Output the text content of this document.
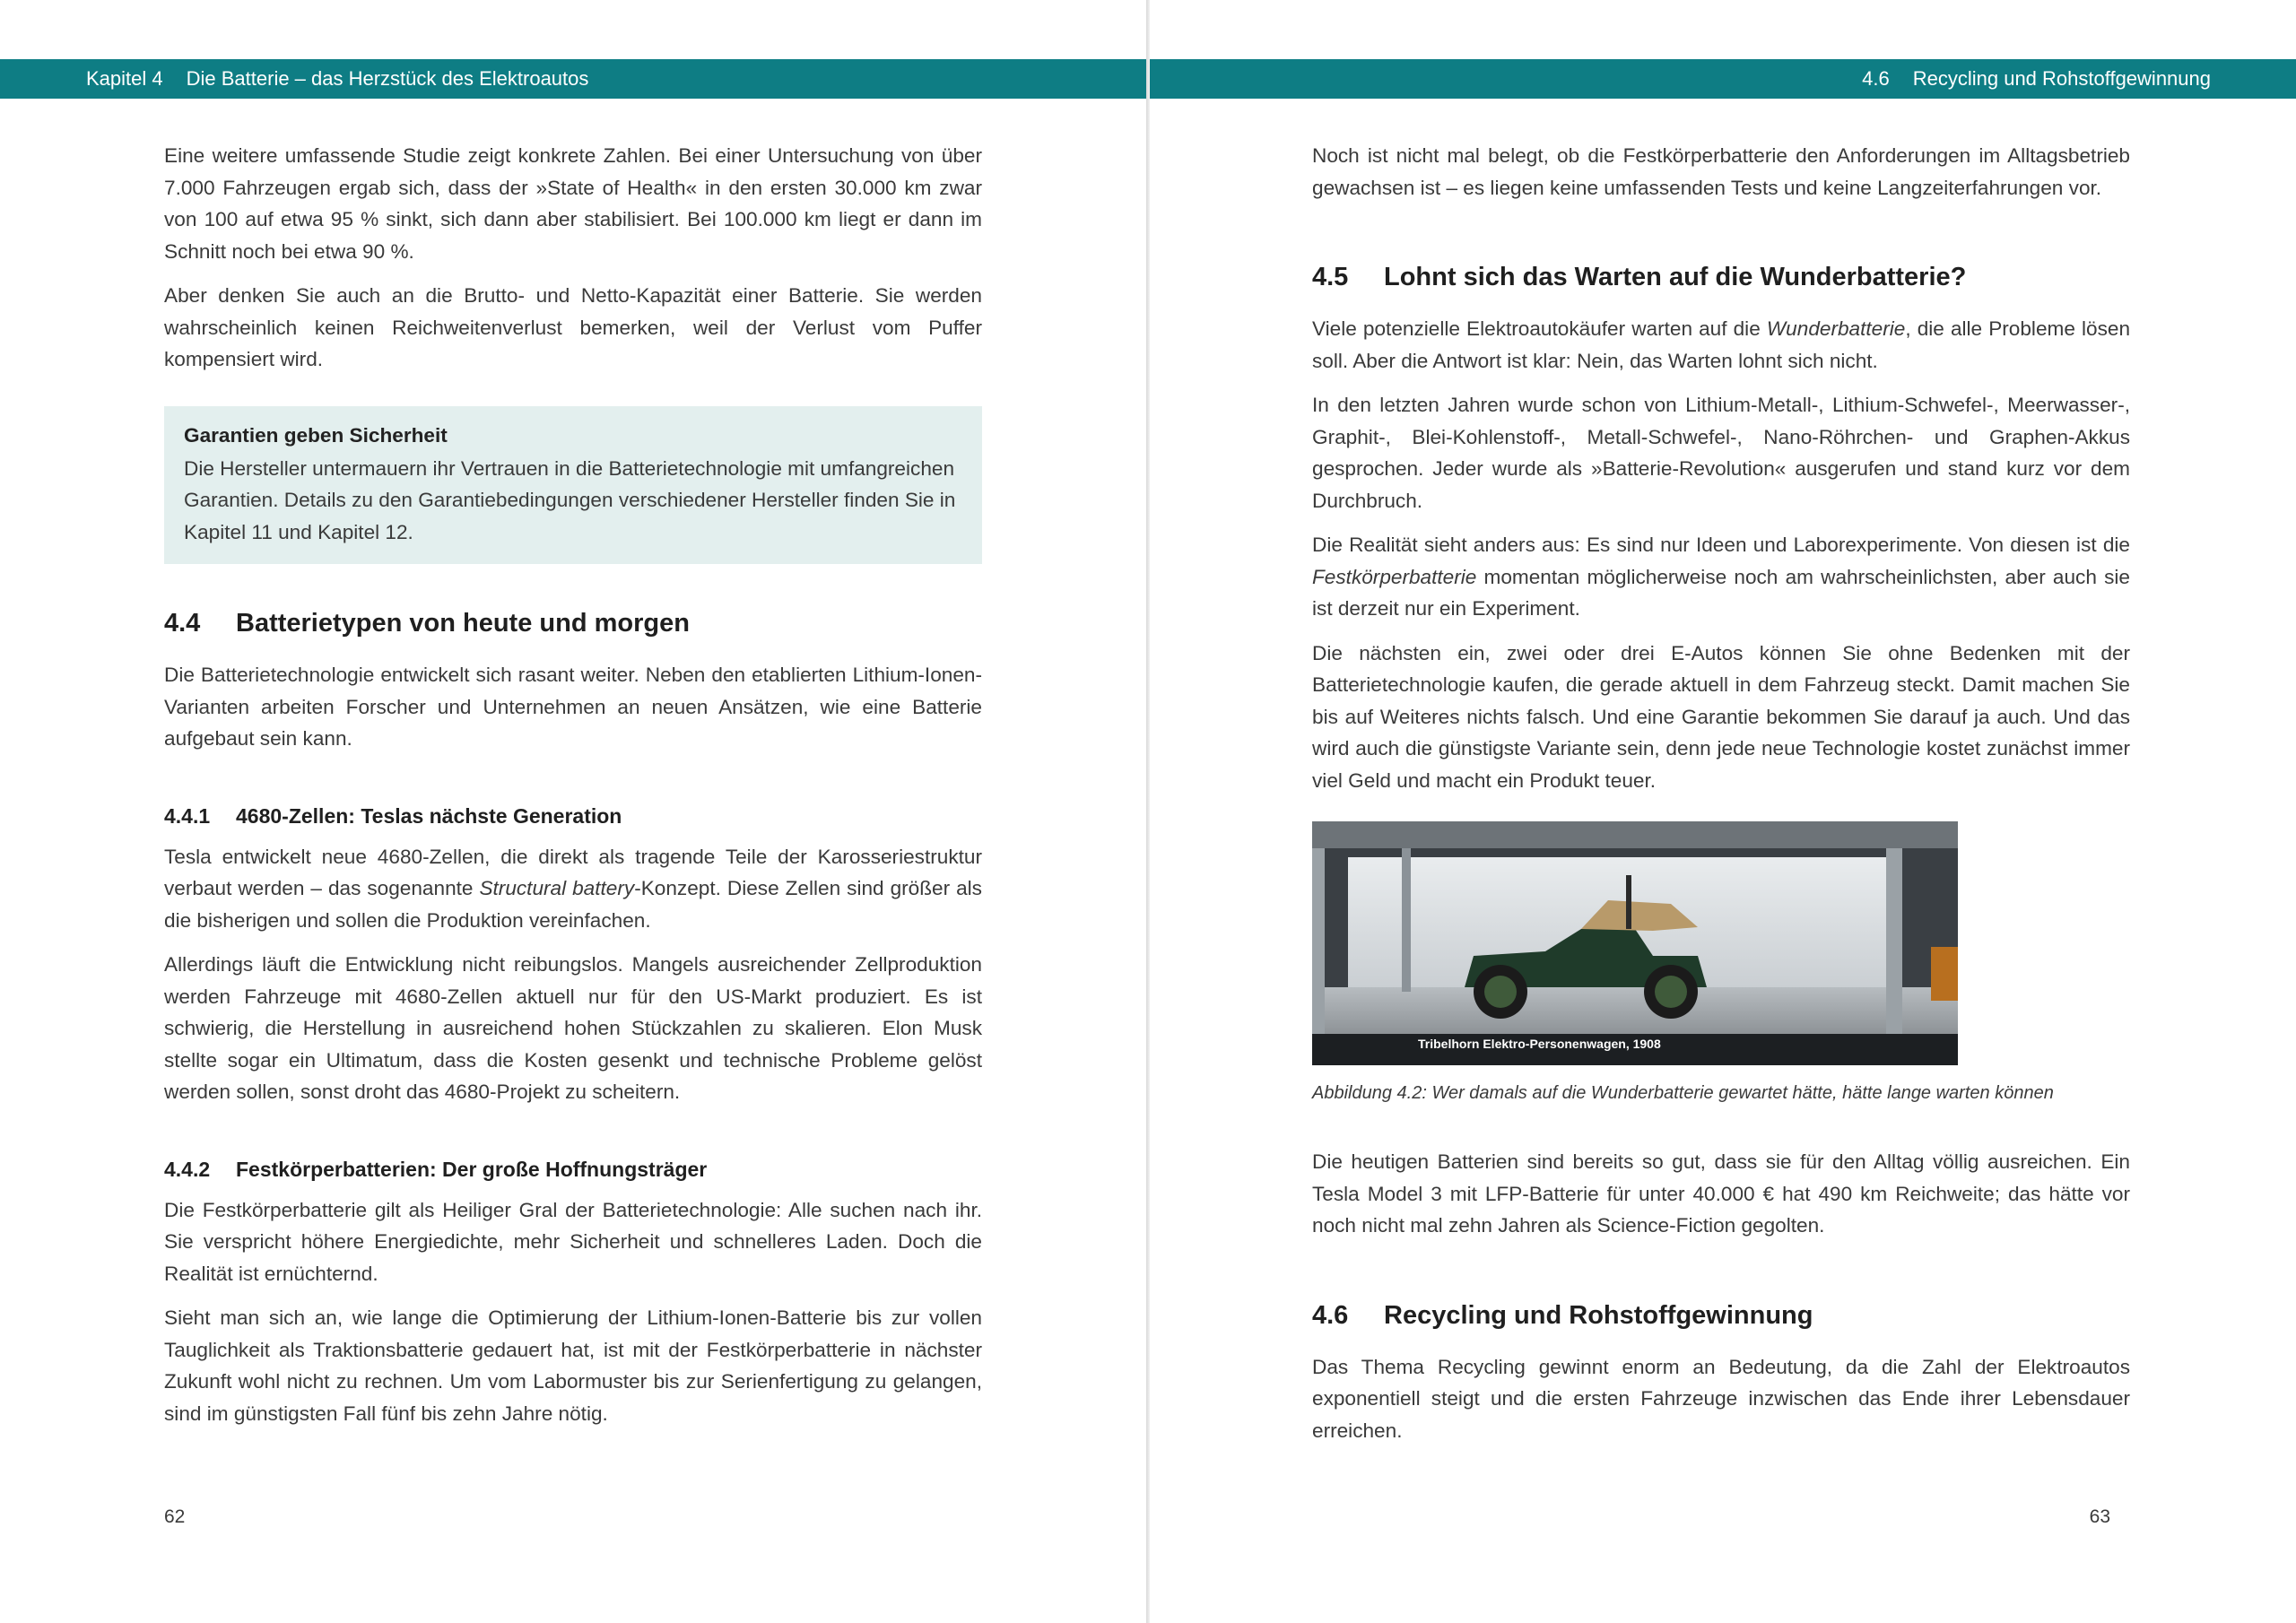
Kapitel 4 Die Batterie – das Herzstück des Elektroautos

Eine weitere umfassende Studie zeigt konkrete Zahlen. Bei einer Untersuchung von über 7.000 Fahrzeugen ergab sich, dass der »State of Health« in den ersten 30.000 km zwar von 100 auf etwa 95 % sinkt, sich dann aber stabilisiert. Bei 100.000 km liegt er dann im Schnitt noch bei etwa 90 %.

Aber denken Sie auch an die Brutto- und Netto-Kapazität einer Batterie. Sie werden wahrscheinlich keinen Reichweitenverlust bemerken, weil der Verlust vom Puffer kompensiert wird.

Garantien geben Sicherheit

Die Hersteller untermauern ihr Vertrauen in die Batterietechnologie mit umfangreichen Garantien. Details zu den Garantiebedingungen verschiedener Hersteller finden Sie in Kapitel 11 und Kapitel 12.

4.4 Batterietypen von heute und morgen

Die Batterietechnologie entwickelt sich rasant weiter. Neben den etablierten Lithium-Ionen-Varianten arbeiten Forscher und Unternehmen an neuen Ansätzen, wie eine Batterie aufgebaut sein kann.

4.4.1 4680-Zellen: Teslas nächste Generation

Tesla entwickelt neue 4680-Zellen, die direkt als tragende Teile der Karosseriestruktur verbaut werden – das sogenannte Structural battery-Konzept. Diese Zellen sind größer als die bisherigen und sollen die Produktion vereinfachen.

Allerdings läuft die Entwicklung nicht reibungslos. Mangels ausreichender Zellproduktion werden Fahrzeuge mit 4680-Zellen aktuell nur für den US-Markt produziert. Es ist schwierig, die Herstellung in ausreichend hohen Stückzahlen zu skalieren. Elon Musk stellte sogar ein Ultimatum, dass die Kosten gesenkt und technische Probleme gelöst werden sollen, sonst droht das 4680-Projekt zu scheitern.

4.4.2 Festkörperbatterien: Der große Hoffnungsträger

Die Festkörperbatterie gilt als Heiliger Gral der Batterietechnologie: Alle suchen nach ihr. Sie verspricht höhere Energiedichte, mehr Sicherheit und schnelleres Laden. Doch die Realität ist ernüchternd.

Sieht man sich an, wie lange die Optimierung der Lithium-Ionen-Batterie bis zur vollen Tauglichkeit als Traktionsbatterie gedauert hat, ist mit der Festkörperbatterie in nächster Zukunft wohl nicht zu rechnen. Um vom Labormuster bis zur Serienfertigung zu gelangen, sind im günstigsten Fall fünf bis zehn Jahre nötig.

62
4.6 Recycling und Rohstoffgewinnung

Noch ist nicht mal belegt, ob die Festkörperbatterie den Anforderungen im Alltagsbetrieb gewachsen ist – es liegen keine umfassenden Tests und keine Langzeiterfahrungen vor.

4.5 Lohnt sich das Warten auf die Wunderbatterie?

Viele potenzielle Elektroautokäufer warten auf die Wunderbatterie, die alle Probleme lösen soll. Aber die Antwort ist klar: Nein, das Warten lohnt sich nicht.

In den letzten Jahren wurde schon von Lithium-Metall-, Lithium-Schwefel-, Meerwasser-, Graphit-, Blei-Kohlenstoff-, Metall-Schwefel-, Nano-Röhrchen- und Graphen-Akkus gesprochen. Jeder wurde als »Batterie-Revolution« ausgerufen und stand kurz vor dem Durchbruch.

Die Realität sieht anders aus: Es sind nur Ideen und Laborexperimente. Von diesen ist die Festkörperbatterie momentan möglicherweise noch am wahrscheinlichsten, aber auch sie ist derzeit nur ein Experiment.

Die nächsten ein, zwei oder drei E-Autos können Sie ohne Bedenken mit der Batterietechnologie kaufen, die gerade aktuell in dem Fahrzeug steckt. Damit machen Sie bis auf Weiteres nichts falsch. Und eine Garantie bekommen Sie darauf ja auch. Und das wird auch die günstigste Variante sein, denn jede neue Technologie kostet zunächst immer viel Geld und macht ein Produkt teuer.

Tribelhorn Elektro-Personenwagen, 1908
Abbildung 4.2: Wer damals auf die Wunderbatterie gewartet hätte, hätte lange warten können

Die heutigen Batterien sind bereits so gut, dass sie für den Alltag völlig ausreichen. Ein Tesla Model 3 mit LFP-Batterie für unter 40.000 € hat 490 km Reichweite; das hätte vor noch nicht mal zehn Jahren als Science-Fiction gegolten.

4.6 Recycling und Rohstoffgewinnung

Das Thema Recycling gewinnt enorm an Bedeutung, da die Zahl der Elektroautos exponentiell steigt und die ersten Fahrzeuge inzwischen das Ende ihrer Lebensdauer erreichen.

63
